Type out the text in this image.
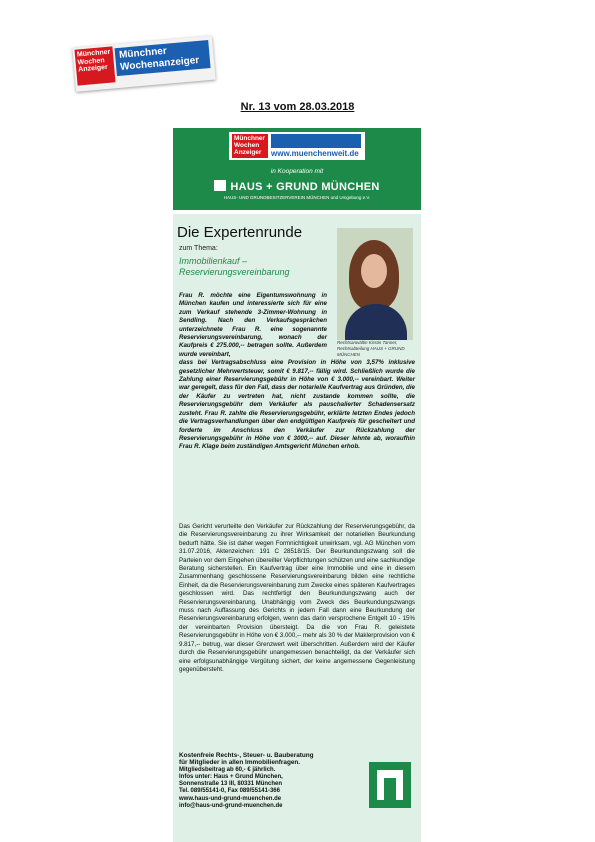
Münchner Wochen Anzeiger
Münchner Wochenanzeiger
Nr. 13 vom 28.03.2018
Münchner Wochen Anzeiger	www.muenchenweit.de
in Kooperation mit
HAUS + GRUND MÜNCHEN
HAUS- UND GRUNDBESITZERVEREIN MÜNCHEN und Umgebung e.V.
Die Expertenrunde
zum Thema:
Immobilienkauf – Reservierungsvereinbarung
Rechtsanwältin Kirstin Tanner, Rechtsabteilung HAUS + GRUND MÜNCHEN
Frau R. möchte eine Eigentumswohnung in München kaufen und interessierte sich für eine zum Verkauf stehende 3-Zimmer-Wohnung in Sendling. Nach den Verkaufsgesprächen unterzeichnete Frau R. eine sogenannte Reservierungsvereinbarung, wonach der Kaufpreis € 275.000,-- betragen sollte. Außerdem wurde vereinbart,
dass bei Vertragsabschluss eine Provision in Höhe von 3,57% inklusive gesetzlicher Mehrwertsteuer, somit € 9.817,-- fällig wird. Schließlich wurde die Zahlung einer Reservierungsgebühr in Höhe von € 3.000,-- vereinbart. Weiter war geregelt, dass für den Fall, dass der notarielle Kaufvertrag aus Gründen, die der Käufer zu vertreten hat, nicht zustande kommen sollte, die Reservierungsgebühr dem Verkäufer als pauschalierter Schadensersatz zusteht. Frau R. zahlte die Reservierungsgebühr, erklärte letzten Endes jedoch die Vertragsverhandlungen über den endgültigen Kaufpreis für gescheitert und forderte im Anschluss den Verkäufer zur Rückzahlung der Reservierungsgebühr in Höhe von € 3000,-- auf. Dieser lehnte ab, woraufhin Frau R. Klage beim zuständigen Amtsgericht München erhob.
Das Gericht verurteilte den Verkäufer zur Rückzahlung der Reservierungsgebühr, da die Reservierungsvereinbarung zu ihrer Wirksamkeit der notariellen Beurkundung bedurft hätte. Sie ist daher wegen Formnichtigkeit unwirksam, vgl. AG München vom 31.07.2016, Aktenzeichen: 191 C 28518/15. Der Beurkundungszwang soll die Parteien vor dem Eingehen übereilter Verpflichtungen schützen und eine sachkundige Beratung sicherstellen. Ein Kaufvertrag über eine Immobilie und eine in diesem Zusammenhang geschlossene Reservierungsvereinbarung bilden eine rechtliche Einheit, da die Reservierungsvereinbarung zum Zwecke eines späteren Kaufvertrages geschlossen wird. Das rechtfertigt den Beurkundungszwang auch der Reservierungsvereinbarung. Unabhängig vom Zweck des Beurkundungszwangs muss nach Auffassung des Gerichts in jedem Fall dann eine Beurkundung der Reservierungsvereinbarung erfolgen, wenn das darin versprochene Entgelt 10 - 15% der vereinbarten Provision übersteigt. Da die von Frau R. geleistete Reservierungsgebühr in Höhe von € 3.000,-- mehr als 30 % der Maklerprovision von € 9.817,-- betrug, war dieser Grenzwert weit überschritten. Außerdem wird der Käufer durch die Reservierungsgebühr unangemessen benachteiligt, da der Verkäufer sich eine erfolgsunabhängige Vergütung sichert, der keine angemessene Gegenleistung gegenübersteht.
Kostenfreie Rechts-, Steuer- u. Bauberatung
für Mitglieder in allen Immobilienfragen.
Mitgliedsbeitrag ab 60,- € jährlich.
Infos unter: Haus + Grund München,
Sonnenstraße 13 III, 80331 München
Tel. 089/55141-0, Fax 089/55141-366
www.haus-und-grund-muenchen.de
info@haus-und-grund-muenchen.de
